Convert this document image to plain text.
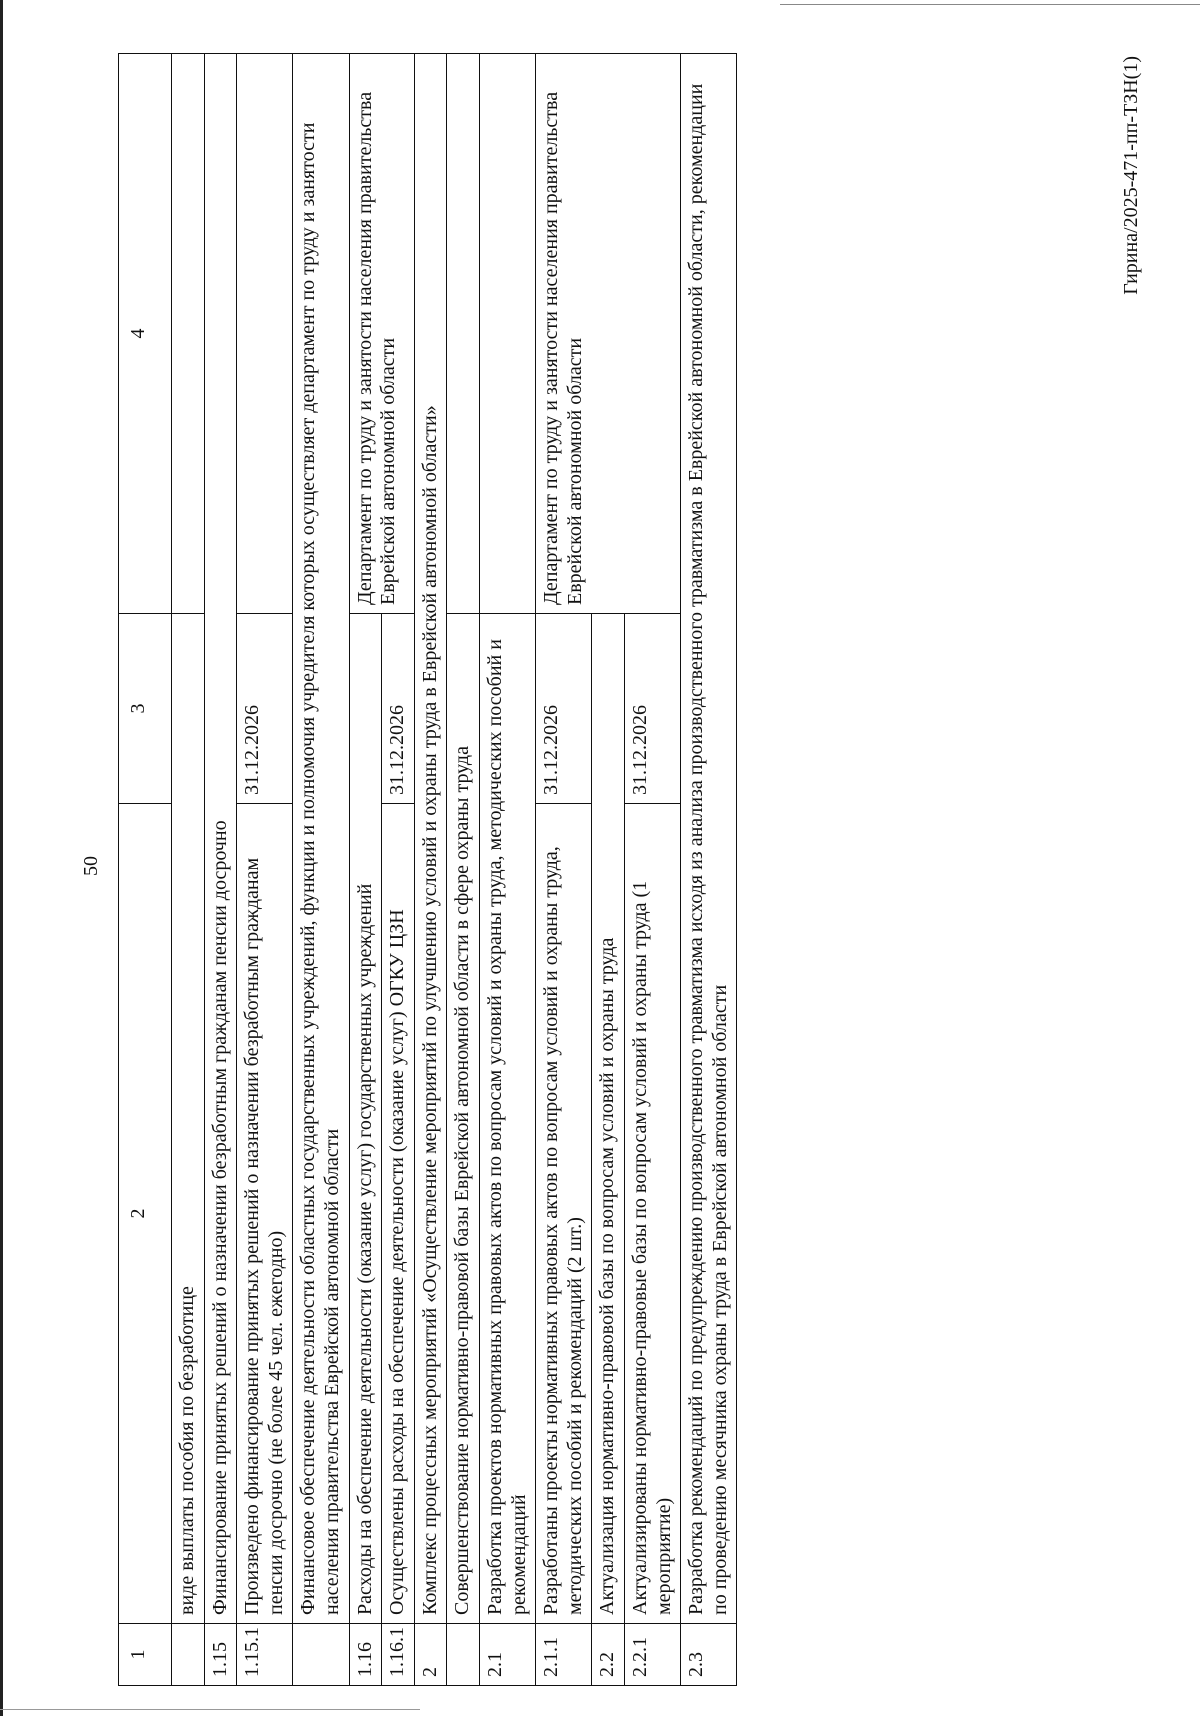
50
1	2	3	4
	виде выплаты пособия по безработице		
1.15	Финансирование принятых решений о назначении безработным гражданам пенсии досрочно		
1.15.1	Произведено финансирование принятых решений о назначении безработным гражданам пенсии досрочно (не более 45 чел. ежегодно)	31.12.2026	
	Финансовое обеспечение деятельности областных государственных учреждений, функции и полномочия учредителя которых осуществляет департамент по труду и занятости населения правительства Еврейской автономной области		
1.16	Расходы на обеспечение деятельности (оказание услуг) государственных учреждений		Департамент по труду и занятости населения правительства Еврейской автономной области
1.16.1	Осуществлены расходы на обеспечение деятельности (оказание услуг) ОГКУ ЦЗН	31.12.2026	
2	Комплекс процессных мероприятий «Осуществление мероприятий по улучшению условий и охраны труда в Еврейской автономной области»		
	Совершенствование нормативно-правовой базы Еврейской автономной области в сфере охраны труда		
2.1	Разработка проектов нормативных правовых актов по вопросам условий и охраны труда, методических пособий и рекомендаций		
2.1.1	Разработаны проекты нормативных правовых актов по вопросам условий и охраны труда, методических пособий и рекомендаций (2 шт.)	31.12.2026	Департамент по труду и занятости населения правительства Еврейской автономной области
2.2	Актуализация нормативно-правовой базы по вопросам условий и охраны труда		
2.2.1	Актуализированы нормативно-правовые базы по вопросам условий и охраны труда (1 мероприятие)	31.12.2026	
2.3	Разработка рекомендаций по предупреждению производственного травматизма исходя из анализа производственного травматизма в Еврейской автономной области, рекомендации по проведению месячника охраны труда в Еврейской автономной области		
Гирина/2025-471-пп-ТЗН(1)
